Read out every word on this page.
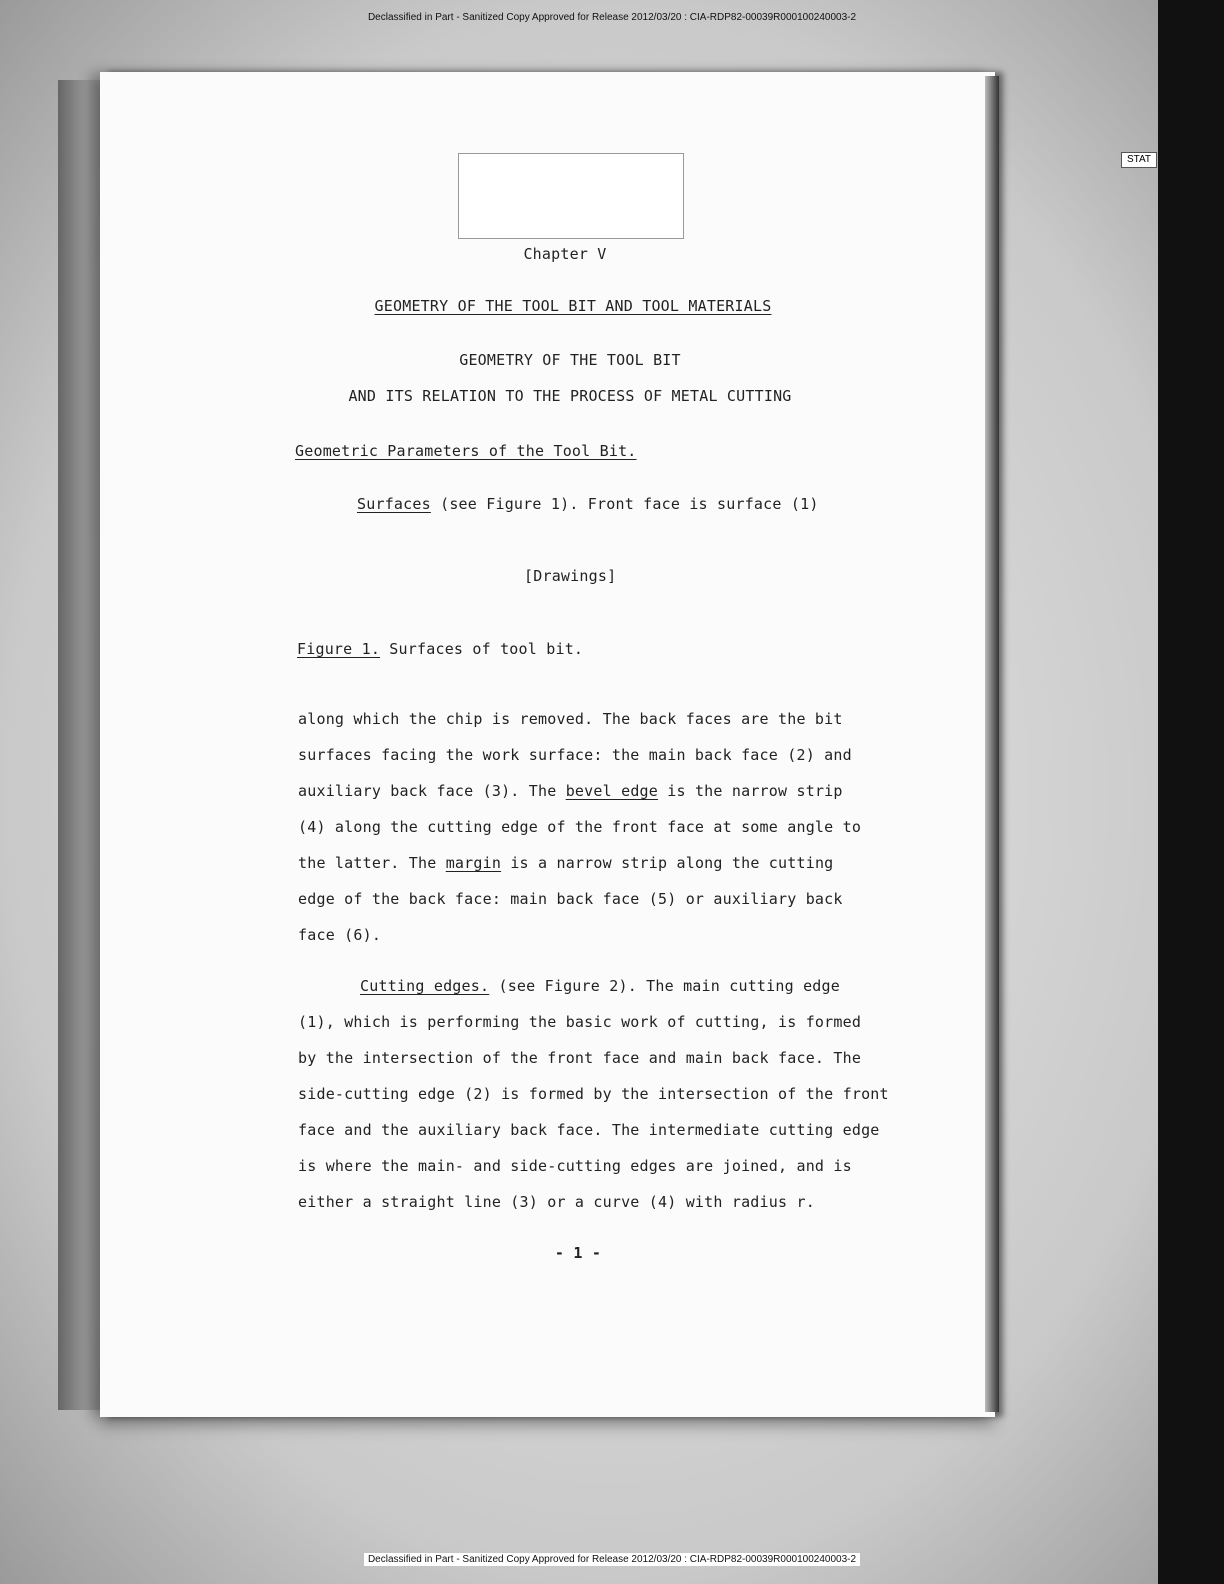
Declassified in Part - Sanitized Copy Approved for Release 2012/03/20 : CIA-RDP82-00039R000100240003-2
Declassified in Part - Sanitized Copy Approved for Release 2012/03/20 : CIA-RDP82-00039R000100240003-2
STAT
Chapter V
GEOMETRY OF THE TOOL BIT AND TOOL MATERIALS
GEOMETRY OF THE TOOL BIT
AND ITS RELATION TO THE PROCESS OF METAL CUTTING
Geometric Parameters of the Tool Bit.
Surfaces (see Figure 1). Front face is surface (1)
[Drawings]
Figure 1. Surfaces of tool bit.
along which the chip is removed. The back faces are the bit
surfaces facing the work surface: the main back face (2) and
auxiliary back face (3). The bevel edge is the narrow strip
(4) along the cutting edge of the front face at some angle to
the latter. The margin is a narrow strip along the cutting
edge of the back face: main back face (5) or auxiliary back
face (6).
Cutting edges. (see Figure 2). The main cutting edge
(1), which is performing the basic work of cutting, is formed
by the intersection of the front face and main back face. The
side-cutting edge (2) is formed by the intersection of the front
face and the auxiliary back face. The intermediate cutting edge
is where the main- and side-cutting edges are joined, and is
either a straight line (3) or a curve (4) with radius r.
- 1 -
